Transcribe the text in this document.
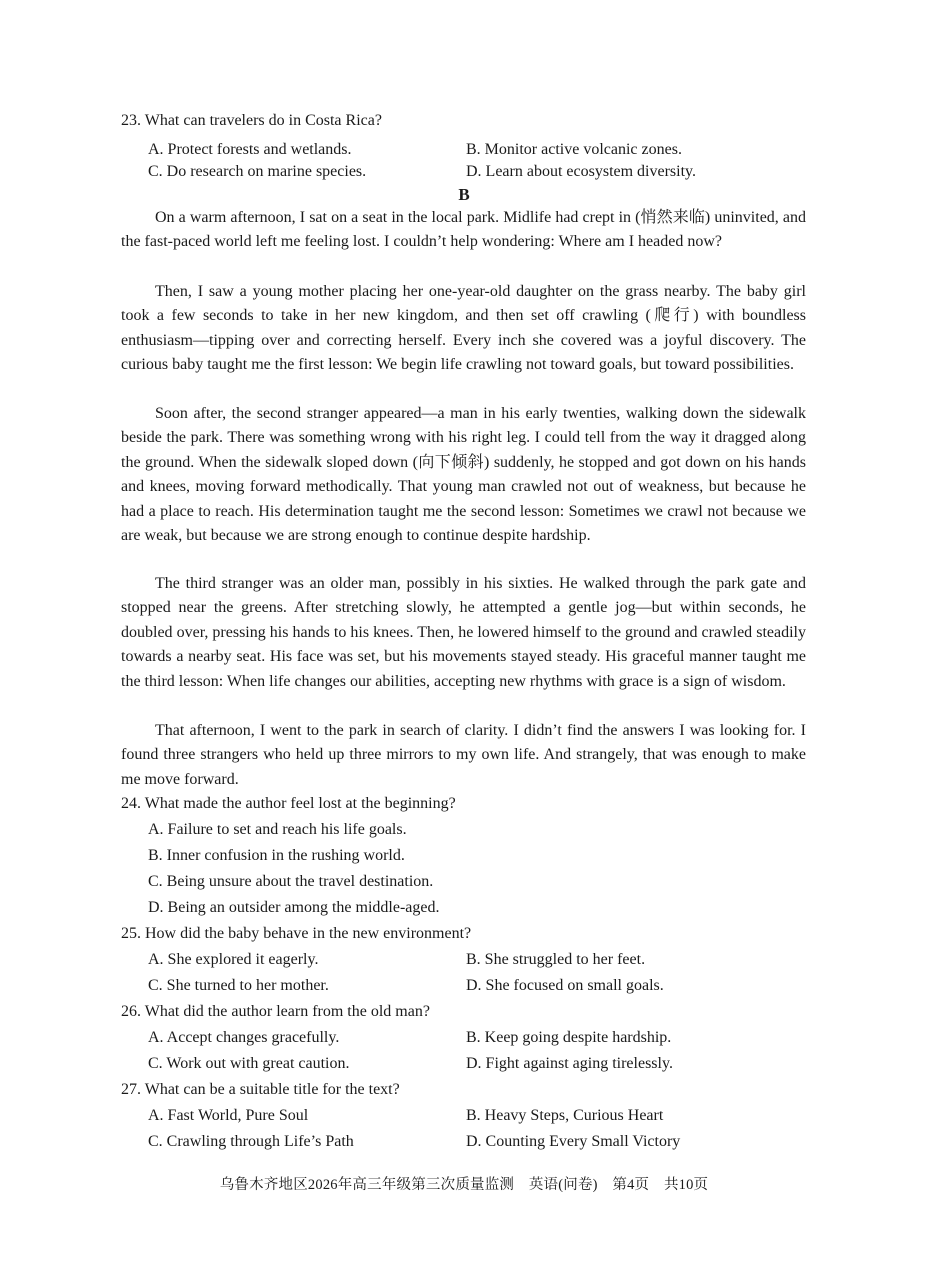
23. What can travelers do in Costa Rica?
A. Protect forests and wetlands.	B. Monitor active volcanic zones.
C. Do research on marine species.	D. Learn about ecosystem diversity.
B
On a warm afternoon, I sat on a seat in the local park. Midlife had crept in (悄然来临) uninvited, and the fast-paced world left me feeling lost. I couldn’t help wondering: Where am I headed now?
Then, I saw a young mother placing her one-year-old daughter on the grass nearby. The baby girl took a few seconds to take in her new kingdom, and then set off crawling (爬行) with boundless enthusiasm—tipping over and correcting herself. Every inch she covered was a joyful discovery. The curious baby taught me the first lesson: We begin life crawling not toward goals, but toward possibilities.
Soon after, the second stranger appeared—a man in his early twenties, walking down the sidewalk beside the park. There was something wrong with his right leg. I could tell from the way it dragged along the ground. When the sidewalk sloped down (向下倾斜) suddenly, he stopped and got down on his hands and knees, moving forward methodically. That young man crawled not out of weakness, but because he had a place to reach. His determination taught me the second lesson: Sometimes we crawl not because we are weak, but because we are strong enough to continue despite hardship.
The third stranger was an older man, possibly in his sixties. He walked through the park gate and stopped near the greens. After stretching slowly, he attempted a gentle jog—but within seconds, he doubled over, pressing his hands to his knees. Then, he lowered himself to the ground and crawled steadily towards a nearby seat. His face was set, but his movements stayed steady. His graceful manner taught me the third lesson: When life changes our abilities, accepting new rhythms with grace is a sign of wisdom.
That afternoon, I went to the park in search of clarity. I didn’t find the answers I was looking for. I found three strangers who held up three mirrors to my own life. And strangely, that was enough to make me move forward.
24. What made the author feel lost at the beginning?
A. Failure to set and reach his life goals.
B. Inner confusion in the rushing world.
C. Being unsure about the travel destination.
D. Being an outsider among the middle-aged.
25. How did the baby behave in the new environment?
A. She explored it eagerly.	B. She struggled to her feet.
C. She turned to her mother.	D. She focused on small goals.
26. What did the author learn from the old man?
A. Accept changes gracefully.	B. Keep going despite hardship.
C. Work out with great caution.	D. Fight against aging tirelessly.
27. What can be a suitable title for the text?
A. Fast World, Pure Soul	B. Heavy Steps, Curious Heart
C. Crawling through Life’s Path	D. Counting Every Small Victory
乌鲁木齐地区2026年高三年级第三次质量监测　英语(问卷)　第4页　共10页
